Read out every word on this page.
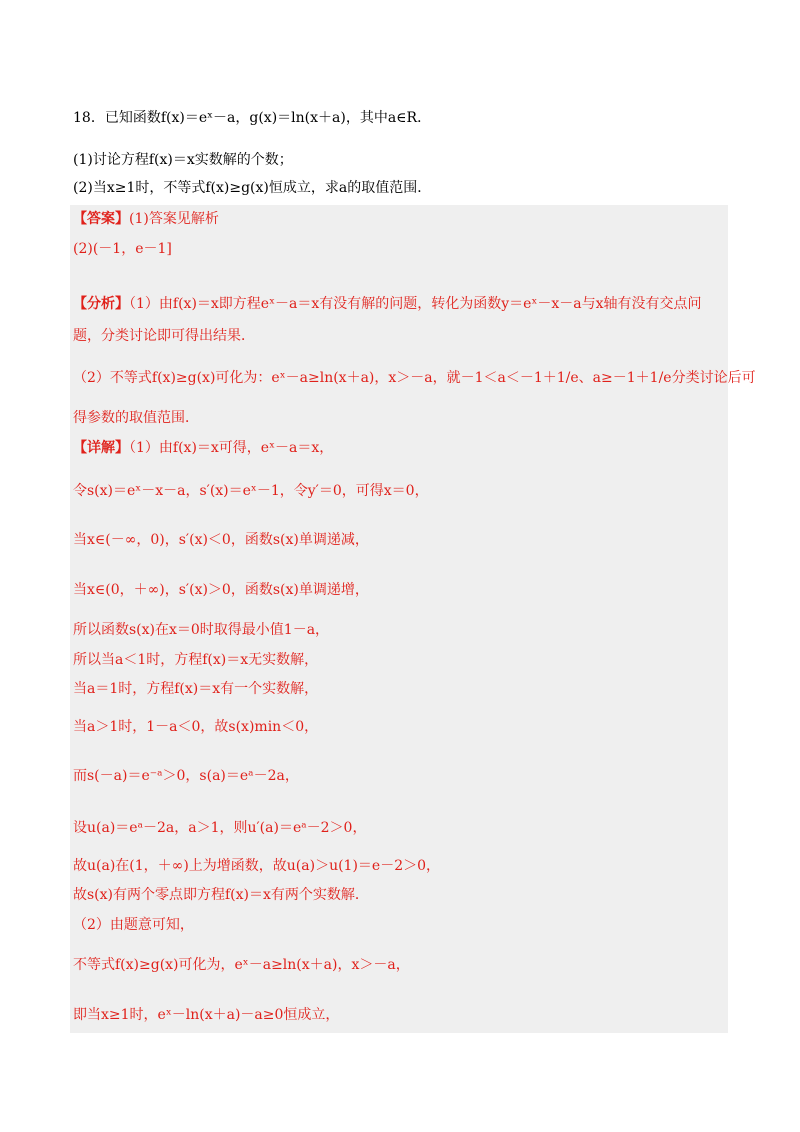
18．已知函数f(x)＝eˣ－a，g(x)＝ln(x＋a)，其中a∈R．
(1)讨论方程f(x)＝x实数解的个数；
(2)当x≥1时，不等式f(x)≥g(x)恒成立，求a的取值范围．
【答案】(1)答案见解析
(2)(－1，e－1]
【分析】（1）由f(x)＝x即方程eˣ－a＝x有没有解的问题，转化为函数y＝eˣ－x－a与x轴有没有交点问
题，分类讨论即可得出结果．
（2）不等式f(x)≥g(x)可化为：eˣ－a≥ln(x＋a)，x＞－a，就－1＜a＜－1＋1/e、a≥－1＋1/e分类讨论后可
得参数的取值范围．
【详解】（1）由f(x)＝x可得，eˣ－a＝x，
令s(x)＝eˣ－x－a，s′(x)＝eˣ－1，令y′＝0，可得x＝0，
当x∈(－∞，0)，s′(x)＜0，函数s(x)单调递减，
当x∈(0，＋∞)，s′(x)＞0，函数s(x)单调递增，
所以函数s(x)在x＝0时取得最小值1－a，
所以当a＜1时，方程f(x)＝x无实数解，
当a＝1时，方程f(x)＝x有一个实数解，
当a＞1时，1－a＜0，故s(x)min＜0，
而s(－a)＝e⁻ᵃ＞0，s(a)＝eᵃ－2a，
设u(a)＝eᵃ－2a，a＞1，则u′(a)＝eᵃ－2＞0，
故u(a)在(1，＋∞)上为增函数，故u(a)＞u(1)＝e－2＞0，
故s(x)有两个零点即方程f(x)＝x有两个实数解．
（2）由题意可知，
不等式f(x)≥g(x)可化为，eˣ－a≥ln(x＋a)，x＞－a，
即当x≥1时，eˣ－ln(x＋a)－a≥0恒成立，
